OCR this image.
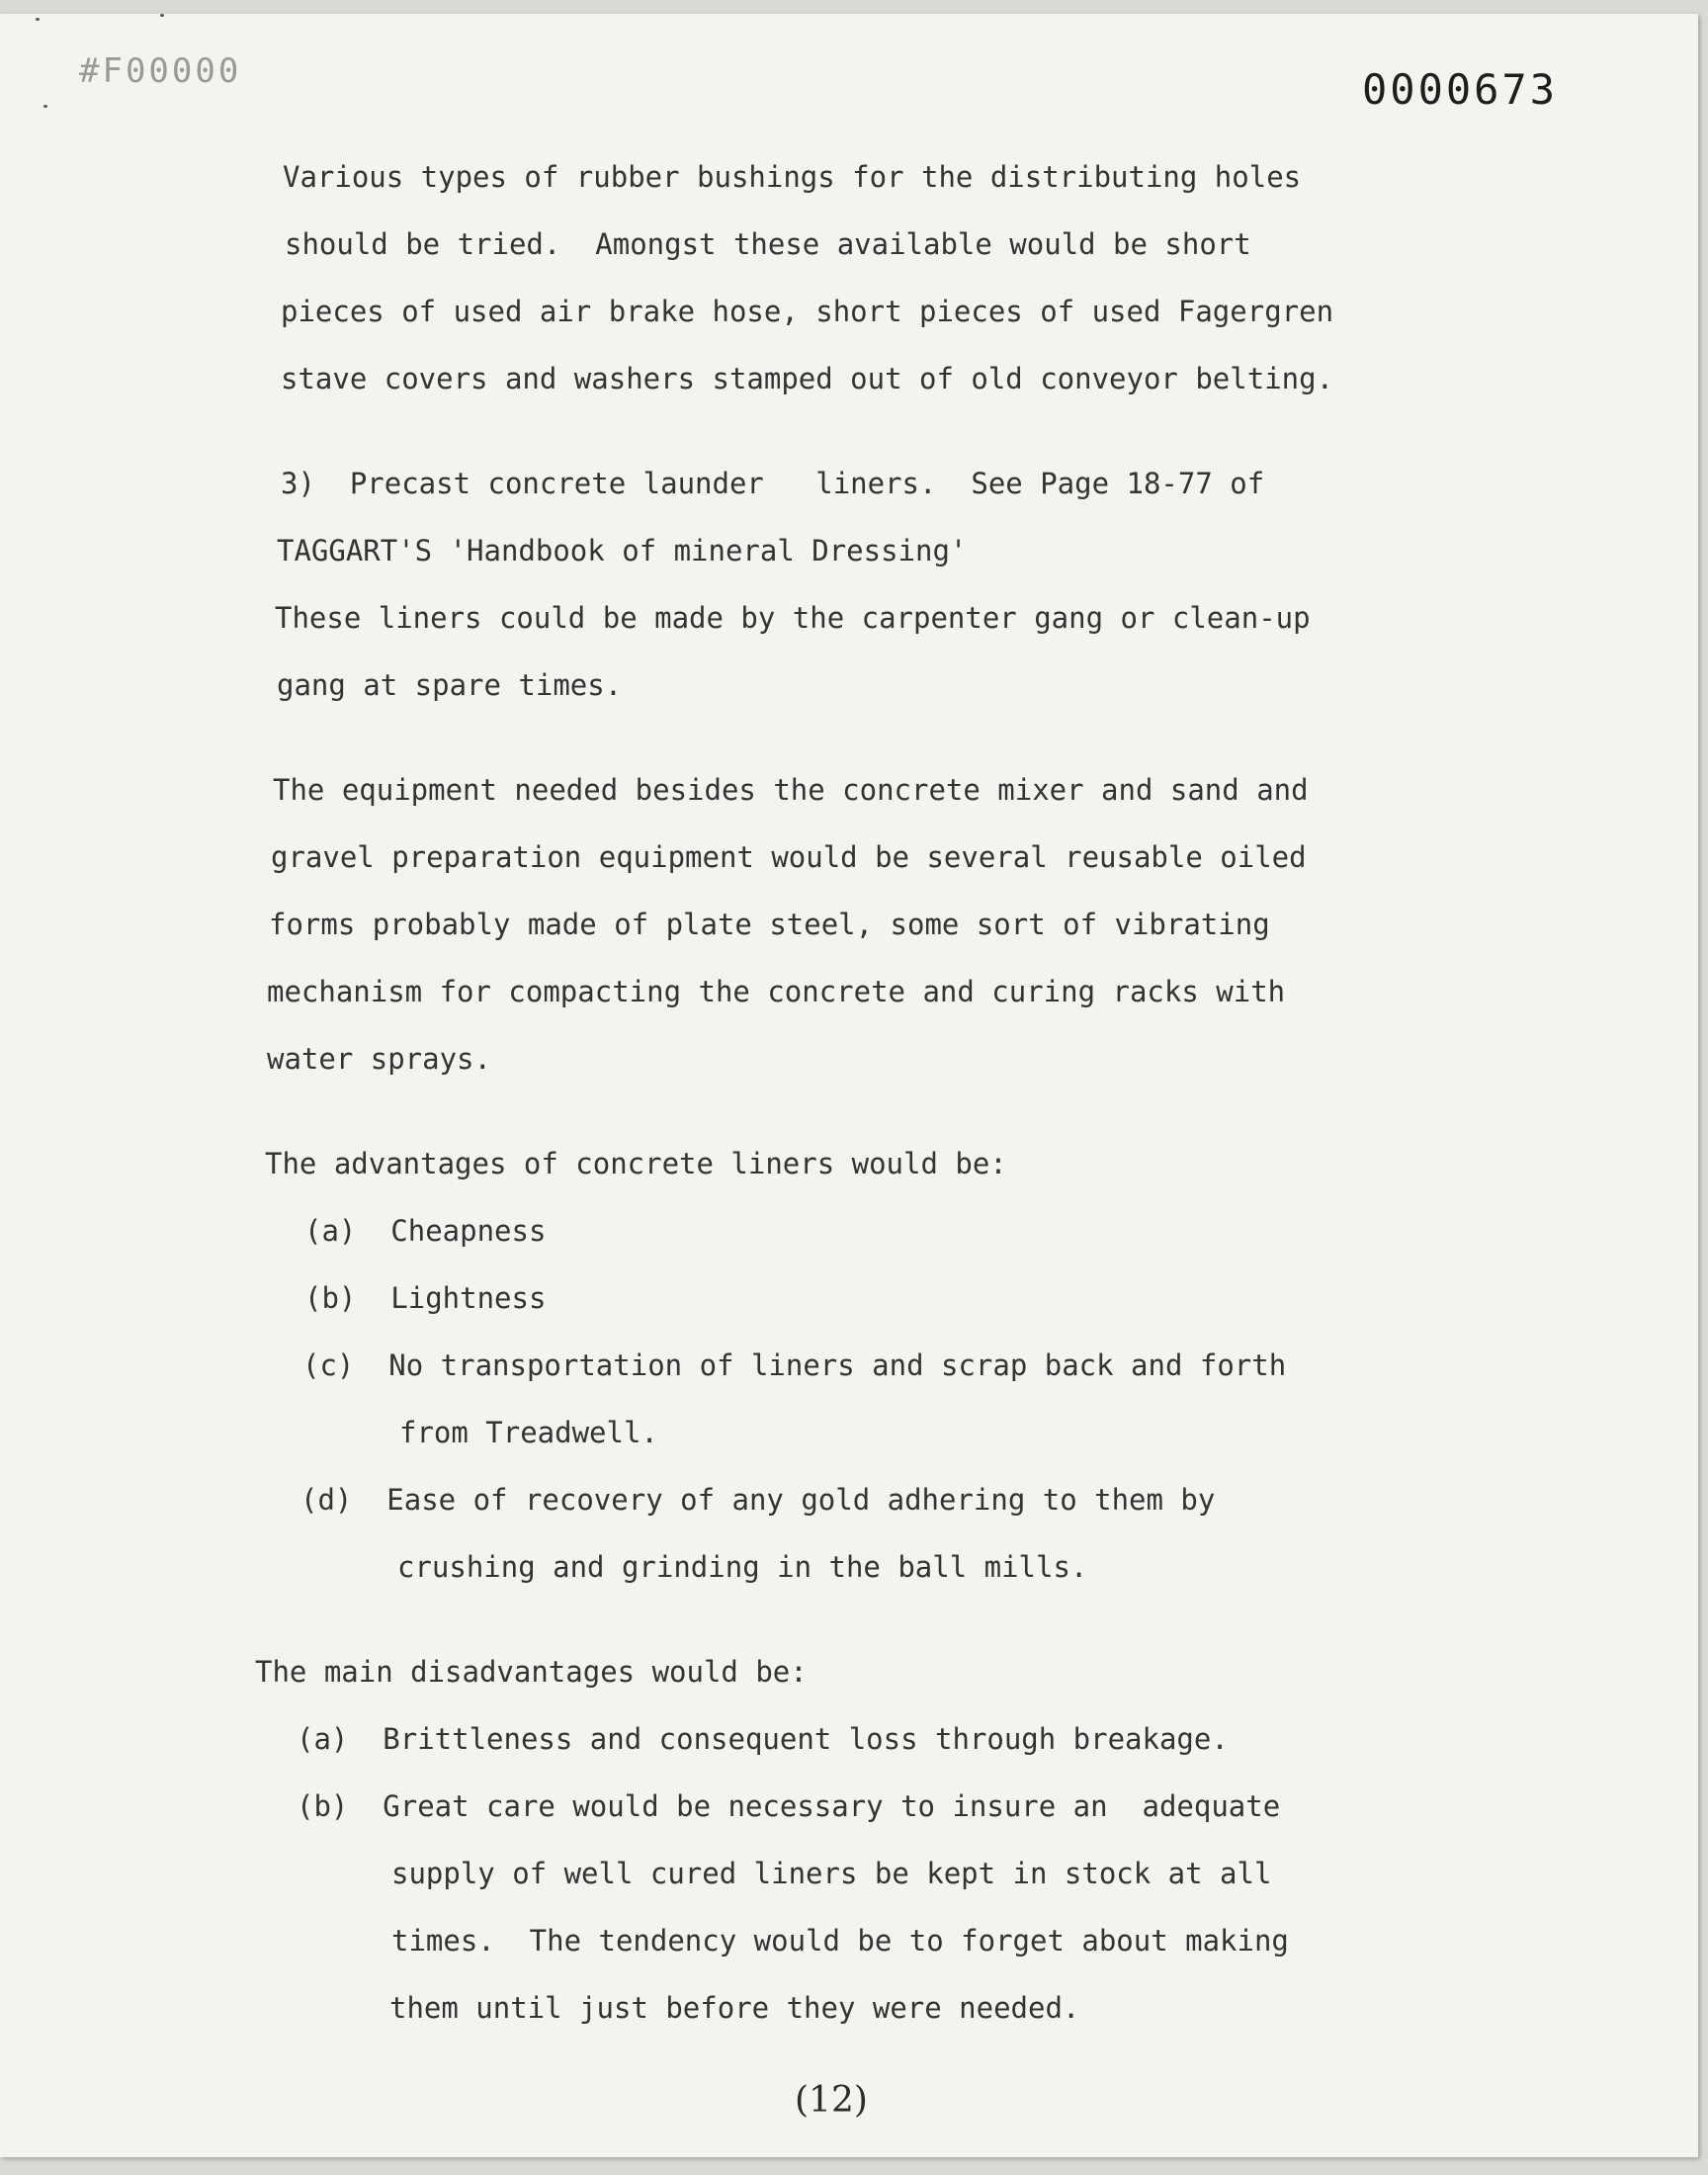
#F00000	0000673
Various types of rubber bushings for the distributing holes
should be tried.  Amongst these available would be short
pieces of used air brake hose, short pieces of used Fagergren
stave covers and washers stamped out of old conveyor belting.
3)  Precast concrete launder   liners.  See Page 18-77 of
TAGGART'S 'Handbook of mineral Dressing'
These liners could be made by the carpenter gang or clean-up
gang at spare times.
The equipment needed besides the concrete mixer and sand and
gravel preparation equipment would be several reusable oiled
forms probably made of plate steel, some sort of vibrating
mechanism for compacting the concrete and curing racks with
water sprays.
The advantages of concrete liners would be:
(a)  Cheapness
(b)  Lightness
(c)  No transportation of liners and scrap back and forth
from Treadwell.
(d)  Ease of recovery of any gold adhering to them by
crushing and grinding in the ball mills.
The main disadvantages would be:
(a)  Brittleness and consequent loss through breakage.
(b)  Great care would be necessary to insure an  adequate
supply of well cured liners be kept in stock at all
times.  The tendency would be to forget about making
them until just before they were needed.
(12)
